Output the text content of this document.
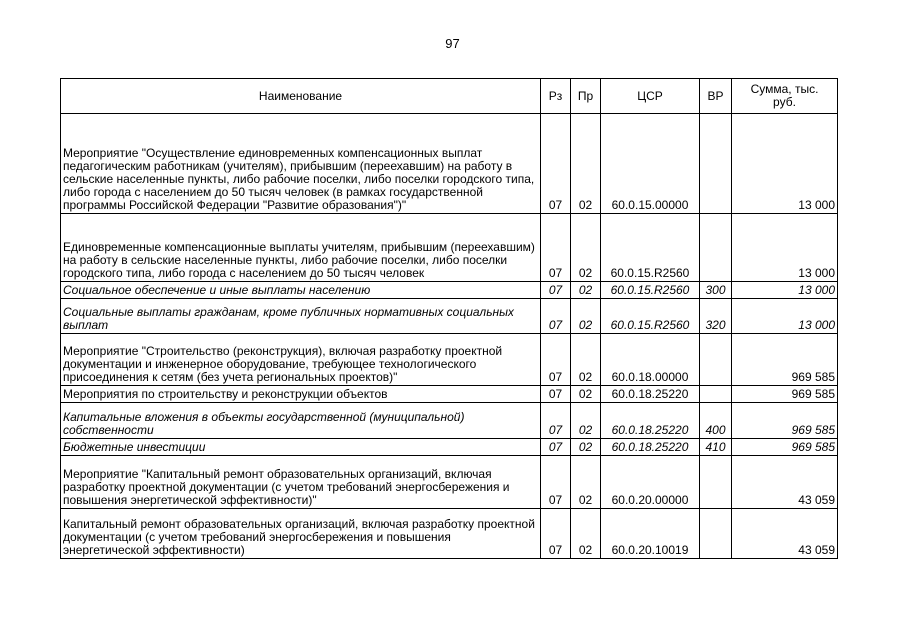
97
Наименование	Рз	Пр	ЦСР	ВР	Сумма, тыс. руб.
Мероприятие "Осуществление единовременных компенсационных выплат педагогическим работникам (учителям), прибывшим (переехавшим) на работу в сельские населенные пункты, либо рабочие поселки, либо поселки городского типа, либо города с населением до 50 тысяч человек (в рамках государственной программы Российской Федерации "Развитие образования")"	07	02	60.0.15.00000		13 000
Единовременные компенсационные выплаты учителям, прибывшим (переехавшим) на работу в сельские населенные пункты, либо рабочие поселки, либо поселки городского типа, либо города с населением до 50 тысяч человек	07	02	60.0.15.R2560		13 000
Социальное обеспечение и иные выплаты населению	07	02	60.0.15.R2560	300	13 000
Социальные выплаты гражданам, кроме публичных нормативных социальных выплат	07	02	60.0.15.R2560	320	13 000
Мероприятие "Строительство (реконструкция), включая разработку проектной документации и инженерное оборудование, требующее технологического присоединения к сетям (без учета региональных проектов)"	07	02	60.0.18.00000		969 585
Мероприятия по строительству и реконструкции объектов	07	02	60.0.18.25220		969 585
Капитальные вложения в объекты государственной (муниципальной) собственности	07	02	60.0.18.25220	400	969 585
Бюджетные инвестиции	07	02	60.0.18.25220	410	969 585
Мероприятие "Капитальный ремонт образовательных организаций, включая разработку проектной документации (с учетом требований энергосбережения и повышения энергетической эффективности)"	07	02	60.0.20.00000		43 059
Капитальный ремонт образовательных организаций, включая разработку проектной документации (с учетом требований энергосбережения и повышения энергетической эффективности)	07	02	60.0.20.10019		43 059
